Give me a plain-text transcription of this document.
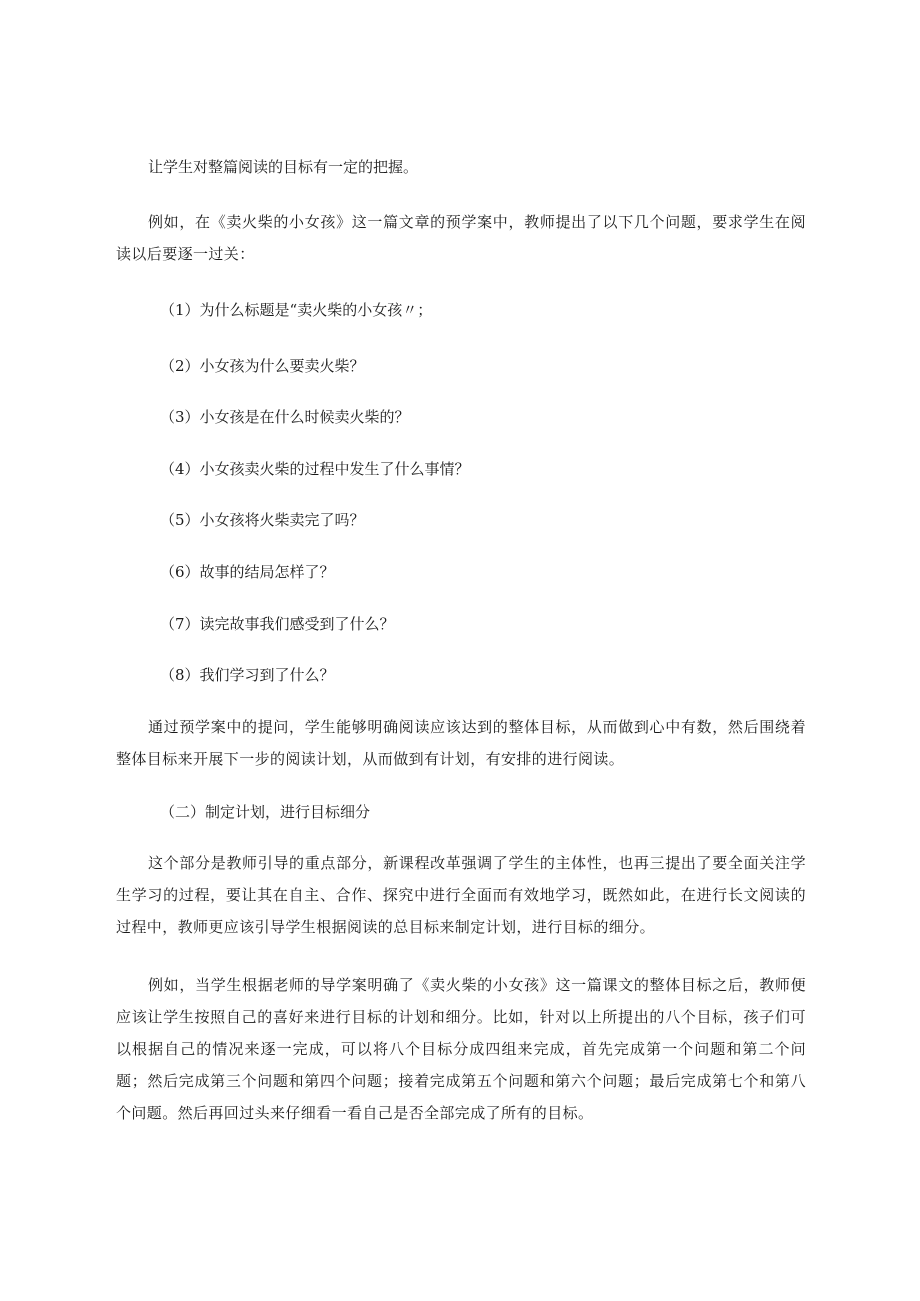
让学生对整篇阅读的目标有一定的把握。

例如，在《卖火柴的小女孩》这一篇文章的预学案中，教师提出了以下几个问题，要求学生在阅读以后要逐一过关：

（1）为什么标题是“卖火柴的小女孩〃；

（2）小女孩为什么要卖火柴？

（3）小女孩是在什么时候卖火柴的？

（4）小女孩卖火柴的过程中发生了什么事情？

（5）小女孩将火柴卖完了吗？

（6）故事的结局怎样了？

（7）读完故事我们感受到了什么？

（8）我们学习到了什么？

通过预学案中的提问，学生能够明确阅读应该达到的整体目标，从而做到心中有数，然后围绕着整体目标来开展下一步的阅读计划，从而做到有计划，有安排的进行阅读。

（二）制定计划，进行目标细分

这个部分是教师引导的重点部分，新课程改革强调了学生的主体性，也再三提出了要全面关注学生学习的过程，要让其在自主、合作、探究中进行全面而有效地学习，既然如此，在进行长文阅读的过程中，教师更应该引导学生根据阅读的总目标来制定计划，进行目标的细分。

例如，当学生根据老师的导学案明确了《卖火柴的小女孩》这一篇课文的整体目标之后，教师便应该让学生按照自己的喜好来进行目标的计划和细分。比如，针对以上所提出的八个目标，孩子们可以根据自己的情况来逐一完成，可以将八个目标分成四组来完成，首先完成第一个问题和第二个问题；然后完成第三个问题和第四个问题；接着完成第五个问题和第六个问题；最后完成第七个和第八个问题。然后再回过头来仔细看一看自己是否全部完成了所有的目标。
